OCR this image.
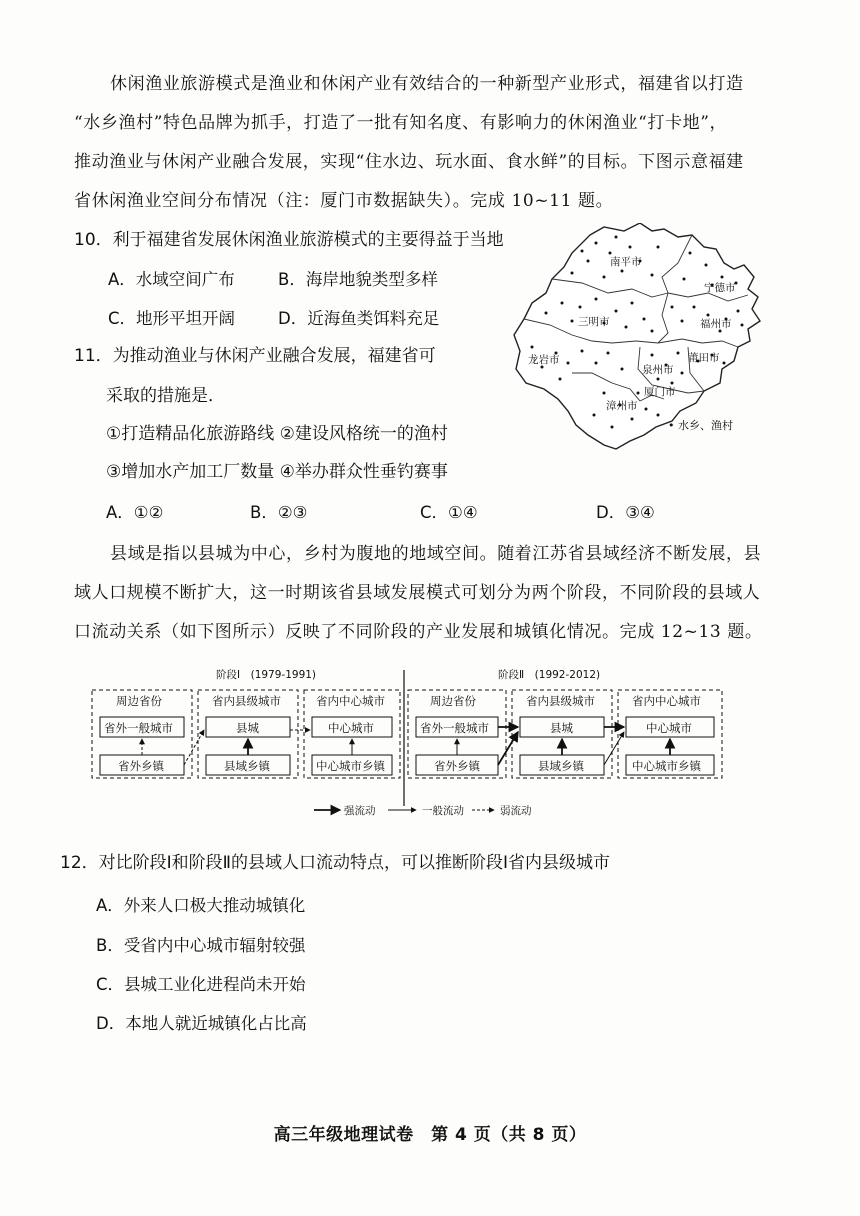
休闲渔业旅游模式是渔业和休闲产业有效结合的一种新型产业形式，福建省以打造
“水乡渔村”特色品牌为抓手，打造了一批有知名度、有影响力的休闲渔业“打卡地”，
推动渔业与休闲产业融合发展，实现“住水边、玩水面、食水鲜”的目标。下图示意福建
省休闲渔业空间分布情况（注：厦门市数据缺失）。完成 10~11 题。
10．利于福建省发展休闲渔业旅游模式的主要得益于当地
A．水域空间广布	B．海岸地貌类型多样
C．地形平坦开阔	D．近海鱼类饵料充足
11．为推动渔业与休闲产业融合发展，福建省可
采取的措施是．
①打造精品化旅游路线 ②建设风格统一的渔村
③增加水产加工厂数量 ④举办群众性垂钓赛事
A．①②	B．②③	C．①④	D．③④
南平市
宁德市
福州市
三明市
龙岩市	莆田市
泉州市
漳州市
厦门市
• 水乡、渔村
县域是指以县城为中心，乡村为腹地的地域空间。随着江苏省县域经济不断发展，县
域人口规模不断扩大，这一时期该省县域发展模式可划分为两个阶段，不同阶段的县域人
口流动关系（如下图所示）反映了不同阶段的产业发展和城镇化情况。完成 12~13 题。
阶段Ⅰ　(1979-1991)	阶段Ⅱ　(1992-2012)
周边省份
省外一般城市
省外乡镇
省内县级城市
县城
县域乡镇
省内中心城市
中心城市
中心城市乡镇
周边省份
省外一般城市
省外乡镇
省内县级城市
县城
县域乡镇
省内中心城市
中心城市
中心城市乡镇
强流动	一般流动	弱流动
12．对比阶段Ⅰ和阶段Ⅱ的县域人口流动特点，可以推断阶段Ⅰ省内县级城市
A．外来人口极大推动城镇化
B．受省内中心城市辐射较强
C．县城工业化进程尚未开始
D．本地人就近城镇化占比高
高三年级地理试卷　第 4 页（共 8 页）
